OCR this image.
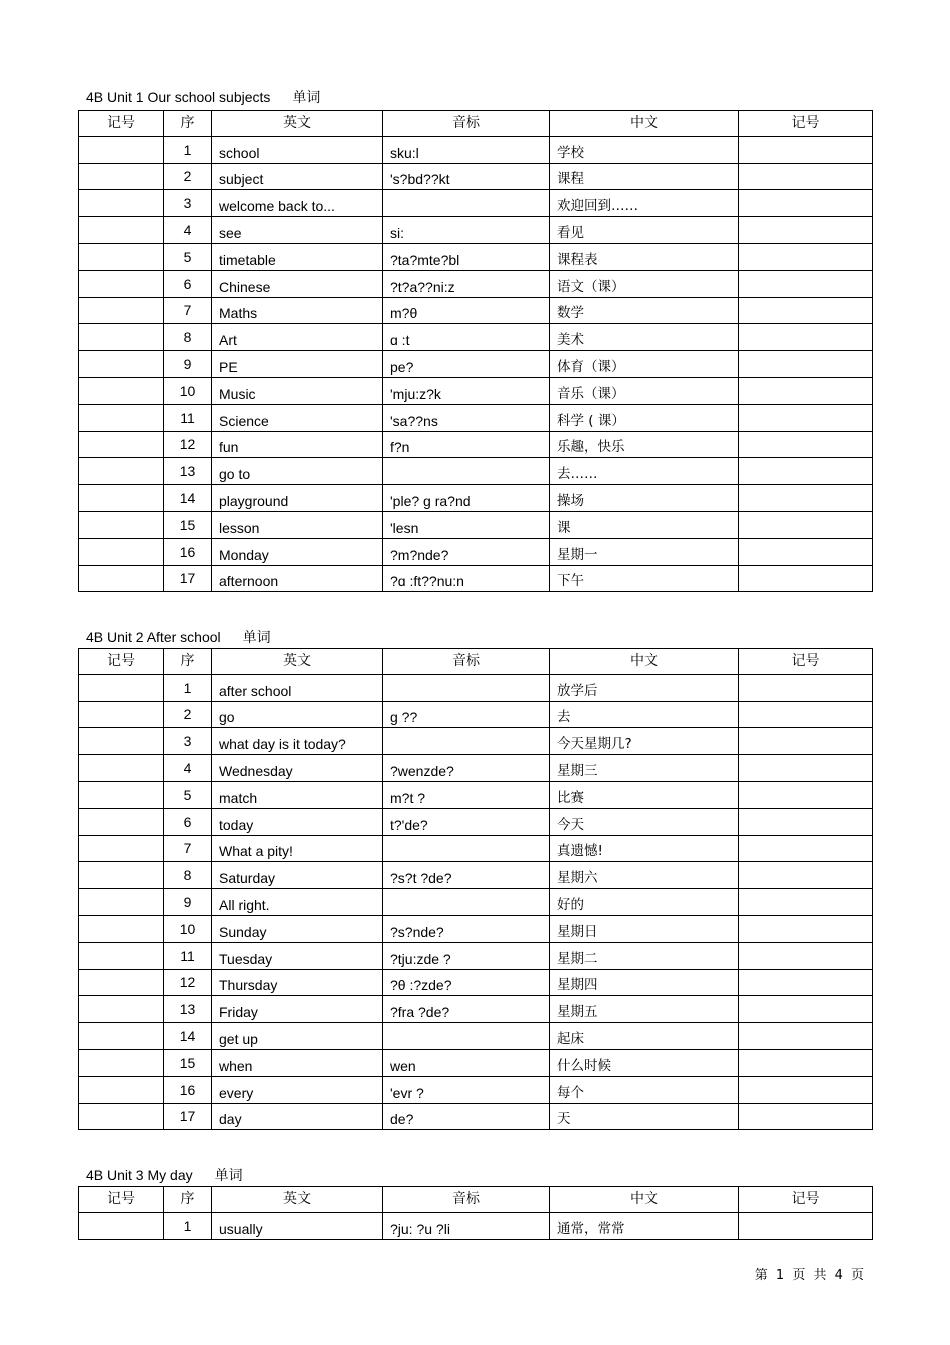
4B Unit 1 Our school subjects 单词
记号	序	英文	音标	中文	记号
	1	school	sku:l	学校	
	2	subject	's?bd??kt	课程	
	3	welcome back to...		欢迎回到……	
	4	see	si:	看见	
	5	timetable	?ta?mte?bl	课程表	
	6	Chinese	?t?a??ni:z	语文（课）	
	7	Maths	m?θ	数学	
	8	Art	ɑ :t	美术	
	9	PE	pe?	体育（课）	
	10	Music	'mju:z?k	音乐（课）	
	11	Science	'sa??ns	科学 ( 课）	
	12	fun	f?n	乐趣，快乐	
	13	go to		去……	
	14	playground	'ple? ɡ ra?nd	操场	
	15	lesson	'lesn	课	
	16	Monday	?m?nde?	星期一	
	17	afternoon	?ɑ :ft??nu:n	下午	
4B Unit 2 After school 单词
记号	序	英文	音标	中文	记号
	1	after school		放学后	
	2	go	ɡ ??	去	
	3	what day is it today?		今天星期几?	
	4	Wednesday	?wenzde?	星期三	
	5	match	m?t ?	比赛	
	6	today	t?'de?	今天	
	7	What a pity!		真遗憾!	
	8	Saturday	?s?t ?de?	星期六	
	9	All right.		好的	
	10	Sunday	?s?nde?	星期日	
	11	Tuesday	?tju:zde ?	星期二	
	12	Thursday	?θ :?zde?	星期四	
	13	Friday	?fra ?de?	星期五	
	14	get up		起床	
	15	when	wen	什么时候	
	16	every	'evr ?	每个	
	17	day	de?	天	
4B Unit 3 My day 单词
记号	序	英文	音标	中文	记号
	1	usually	?ju: ?u ?li	通常，常常	
第 1 页 共 4 页
